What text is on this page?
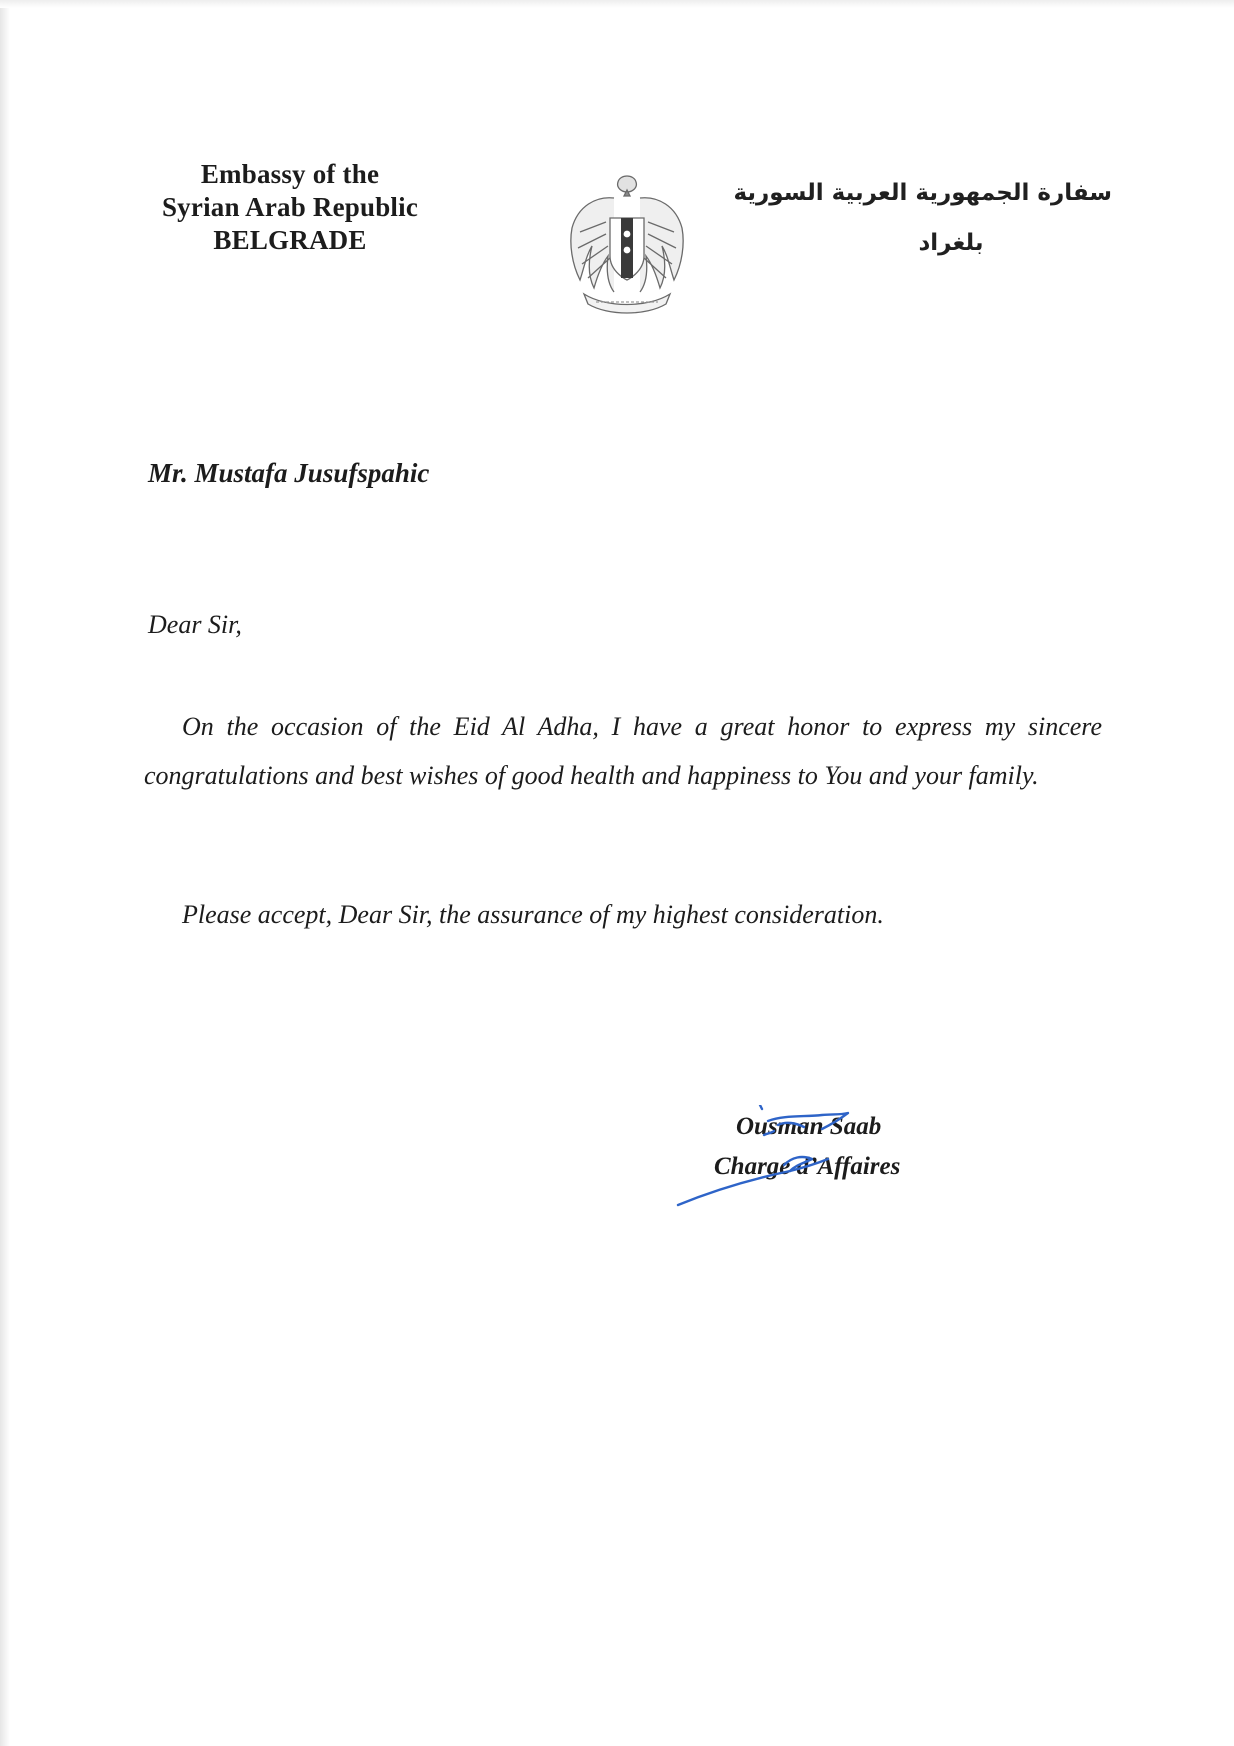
Embassy of the
Syrian Arab Republic
BELGRADE
سفارة الجمهورية العربية السورية
بلغراد
Mr. Mustafa Jusufspahic
Dear Sir,
On the occasion of the Eid Al Adha, I have a great honor to express my sincere congratulations and best wishes of good health and happiness to You and your family.
Please accept, Dear Sir, the assurance of my highest consideration.
Ousman Saab
Charge d’Affaires
